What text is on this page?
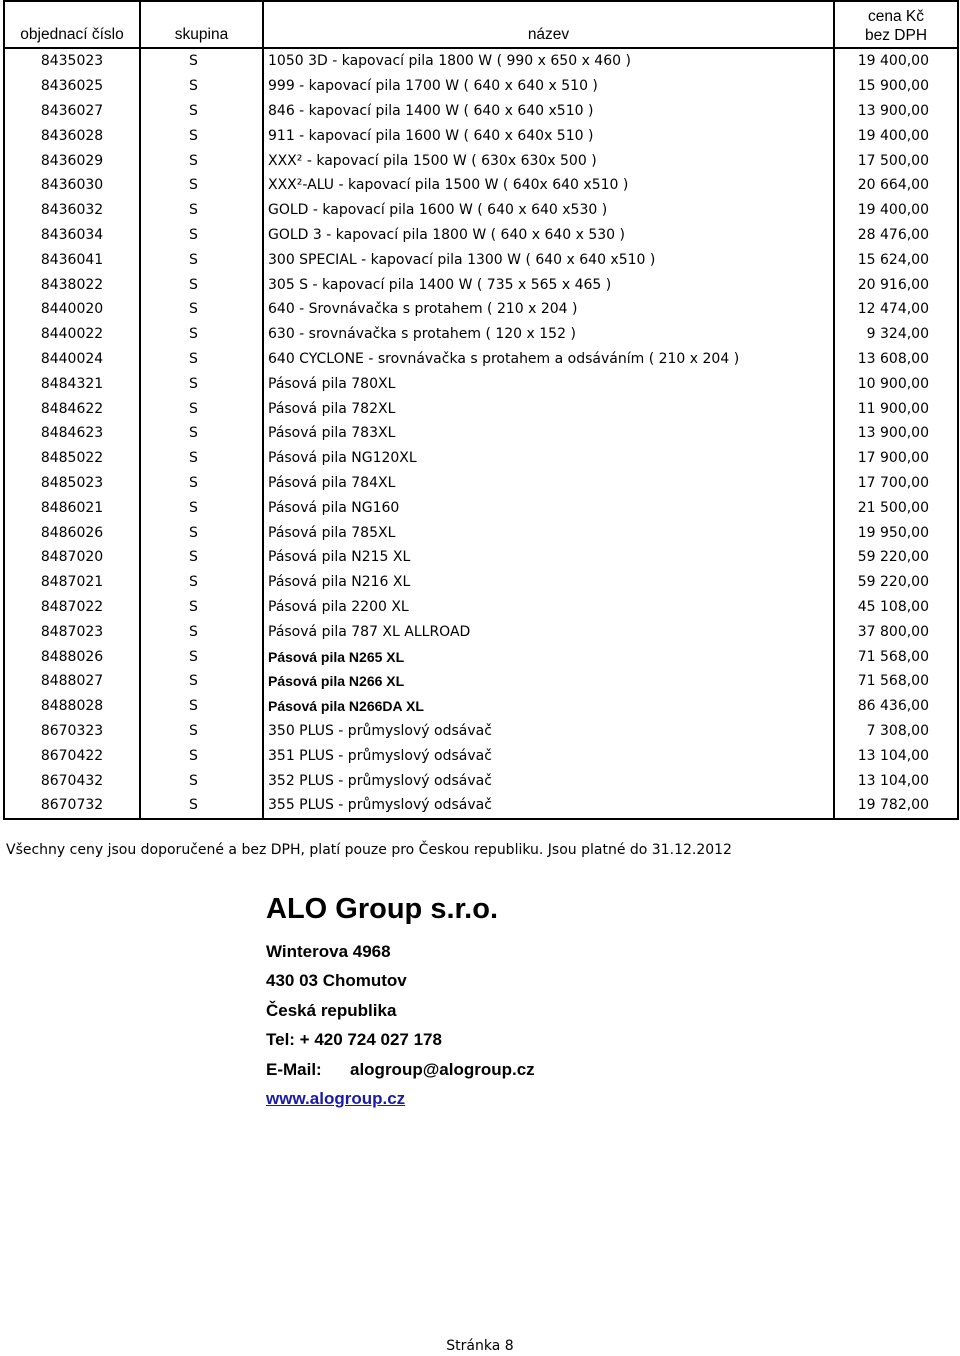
objednací číslo	skupina	název	cena Kč
bez DPH
8435023	S	1050 3D - kapovací pila 1800 W ( 990 x 650 x 460 )	19 400,00
8436025	S	999 - kapovací pila 1700 W ( 640 x 640 x 510 )	15 900,00
8436027	S	846 - kapovací pila 1400 W ( 640 x 640 x510 )	13 900,00
8436028	S	911 - kapovací pila 1600 W ( 640 x 640x 510 )	19 400,00
8436029	S	XXX² - kapovací pila 1500 W ( 630x 630x 500 )	17 500,00
8436030	S	XXX²-ALU - kapovací pila 1500 W ( 640x 640 x510 )	20 664,00
8436032	S	GOLD - kapovací pila 1600 W ( 640 x 640 x530 )	19 400,00
8436034	S	GOLD 3 - kapovací pila 1800 W ( 640 x 640 x 530 )	28 476,00
8436041	S	300 SPECIAL - kapovací pila 1300 W ( 640 x 640 x510 )	15 624,00
8438022	S	305 S - kapovací pila 1400 W ( 735 x 565 x 465 )	20 916,00
8440020	S	640 - Srovnávačka s protahem ( 210 x 204 )	12 474,00
8440022	S	630 - srovnávačka s protahem ( 120 x 152 )	9 324,00
8440024	S	640 CYCLONE - srovnávačka s protahem a odsáváním ( 210 x 204 )	13 608,00
8484321	S	Pásová pila 780XL	10 900,00
8484622	S	Pásová pila 782XL	11 900,00
8484623	S	Pásová pila 783XL	13 900,00
8485022	S	Pásová pila NG120XL	17 900,00
8485023	S	Pásová pila 784XL	17 700,00
8486021	S	Pásová pila NG160	21 500,00
8486026	S	Pásová pila 785XL	19 950,00
8487020	S	Pásová pila N215 XL	59 220,00
8487021	S	Pásová pila N216 XL	59 220,00
8487022	S	Pásová pila 2200 XL	45 108,00
8487023	S	Pásová pila 787 XL ALLROAD	37 800,00
8488026	S	Pásová pila N265 XL	71 568,00
8488027	S	Pásová pila N266 XL	71 568,00
8488028	S	Pásová pila N266DA XL	86 436,00
8670323	S	350 PLUS - průmyslový odsávač	7 308,00
8670422	S	351 PLUS - průmyslový odsávač	13 104,00
8670432	S	352 PLUS - průmyslový odsávač	13 104,00
8670732	S	355 PLUS - průmyslový odsávač	19 782,00
Všechny ceny jsou doporučené a bez DPH, platí pouze pro Českou republiku. Jsou platné do 31.12.2012
ALO Group s.r.o.
Winterova 4968
430 03 Chomutov
Česká republika
Tel: + 420 724 027 178
E-Mail: alogroup@alogroup.cz
www.alogroup.cz
Stránka 8
